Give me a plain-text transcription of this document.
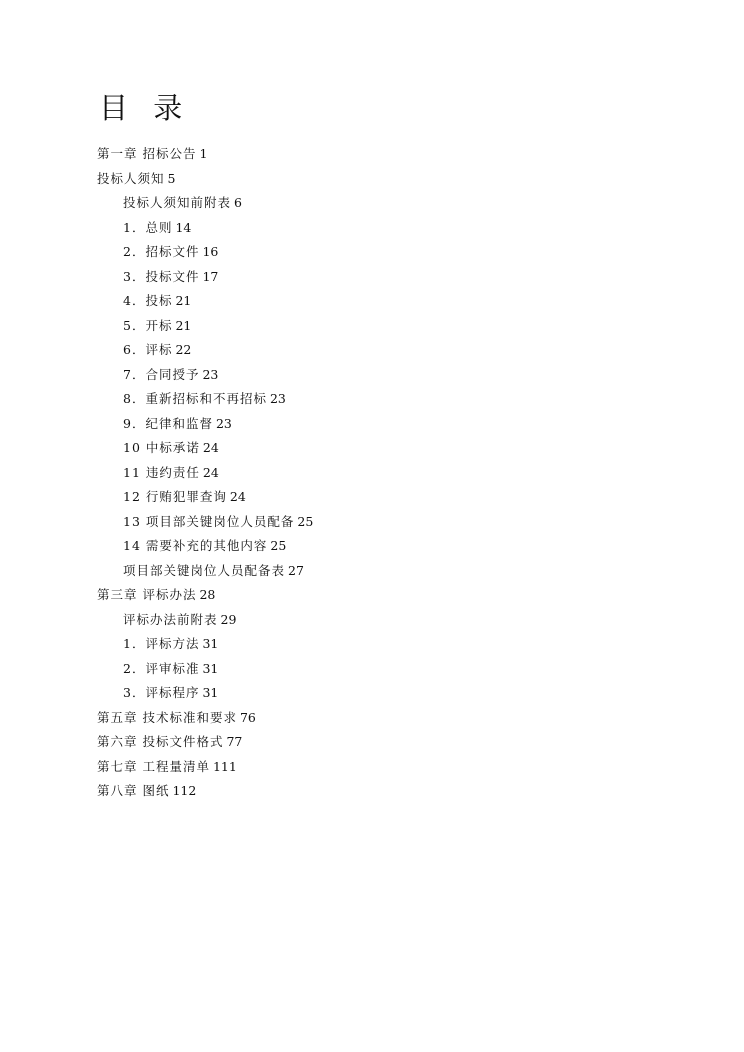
目 录
第一章 招标公告 1
投标人须知 5
投标人须知前附表 6
1．总则 14
2．招标文件 16
3．投标文件 17
4．投标 21
5．开标 21
6．评标 22
7．合同授予 23
8．重新招标和不再招标 23
9．纪律和监督 23
10 中标承诺 24
11 违约责任 24
12 行贿犯罪查询 24
13 项目部关键岗位人员配备 25
14 需要补充的其他内容 25
项目部关键岗位人员配备表 27
第三章 评标办法 28
评标办法前附表 29
1．评标方法 31
2．评审标准 31
3．评标程序 31
第五章 技术标准和要求 76
第六章 投标文件格式 77
第七章 工程量清单 111
第八章 图纸 112
